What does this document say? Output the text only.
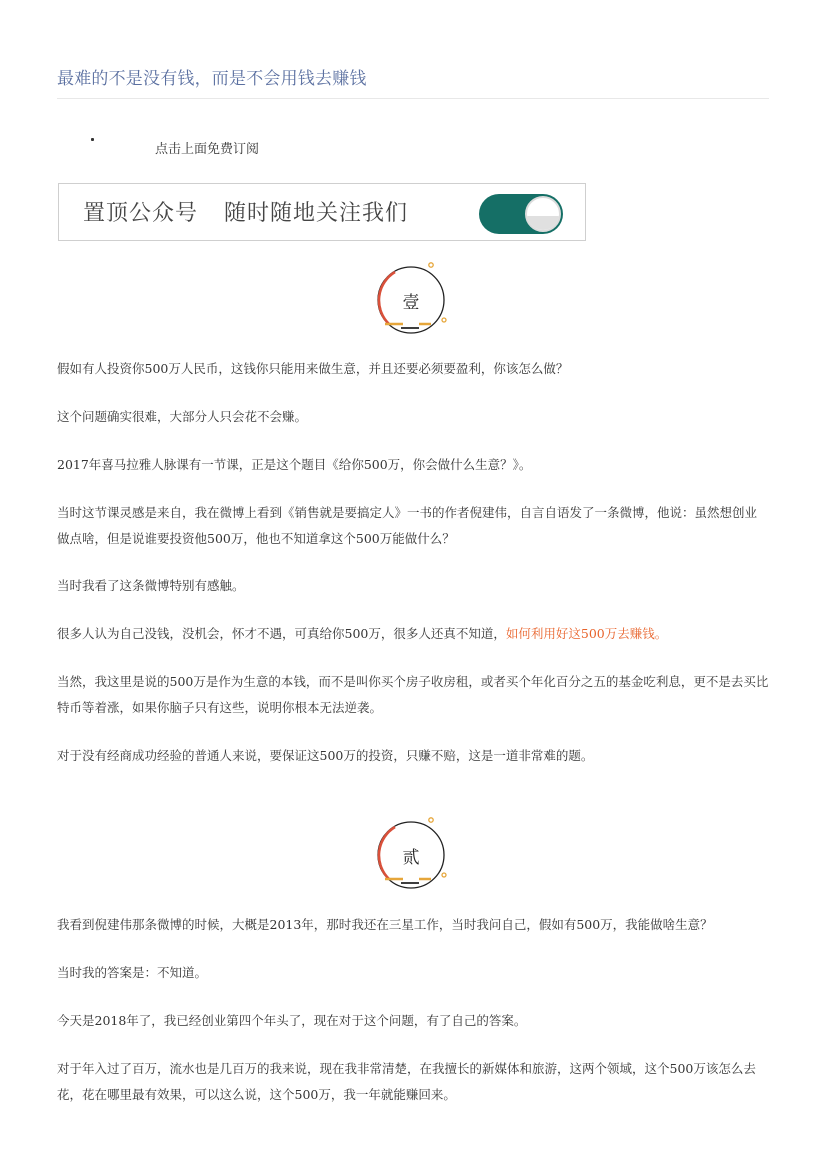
最难的不是没有钱，而是不会用钱去赚钱
点击上面免费订阅
置顶公众号 随时随地关注我们
壹

假如有人投资你500万人民币，这钱你只能用来做生意，并且还要必须要盈利，你该怎么做？

这个问题确实很难，大部分人只会花不会赚。

2017年喜马拉雅人脉课有一节课，正是这个题目《给你500万，你会做什么生意？》。

当时这节课灵感是来自，我在微博上看到《销售就是要搞定人》一书的作者倪建伟，自言自语发了一条微博，他说：虽然想创业做点啥，但是说谁要投资他500万，他也不知道拿这个500万能做什么？

当时我看了这条微博特别有感触。

很多人认为自己没钱，没机会，怀才不遇，可真给你500万，很多人还真不知道，如何利用好这500万去赚钱。

当然，我这里是说的500万是作为生意的本钱，而不是叫你买个房子收房租，或者买个年化百分之五的基金吃利息，更不是去买比特币等着涨，如果你脑子只有这些，说明你根本无法逆袭。

对于没有经商成功经验的普通人来说，要保证这500万的投资，只赚不赔，这是一道非常难的题。

贰

我看到倪建伟那条微博的时候，大概是2013年，那时我还在三星工作，当时我问自己，假如有500万，我能做啥生意？

当时我的答案是：不知道。

今天是2018年了，我已经创业第四个年头了，现在对于这个问题，有了自己的答案。

对于年入过了百万，流水也是几百万的我来说，现在我非常清楚，在我擅长的新媒体和旅游，这两个领域，这个500万该怎么去花，花在哪里最有效果，可以这么说，这个500万，我一年就能赚回来。
